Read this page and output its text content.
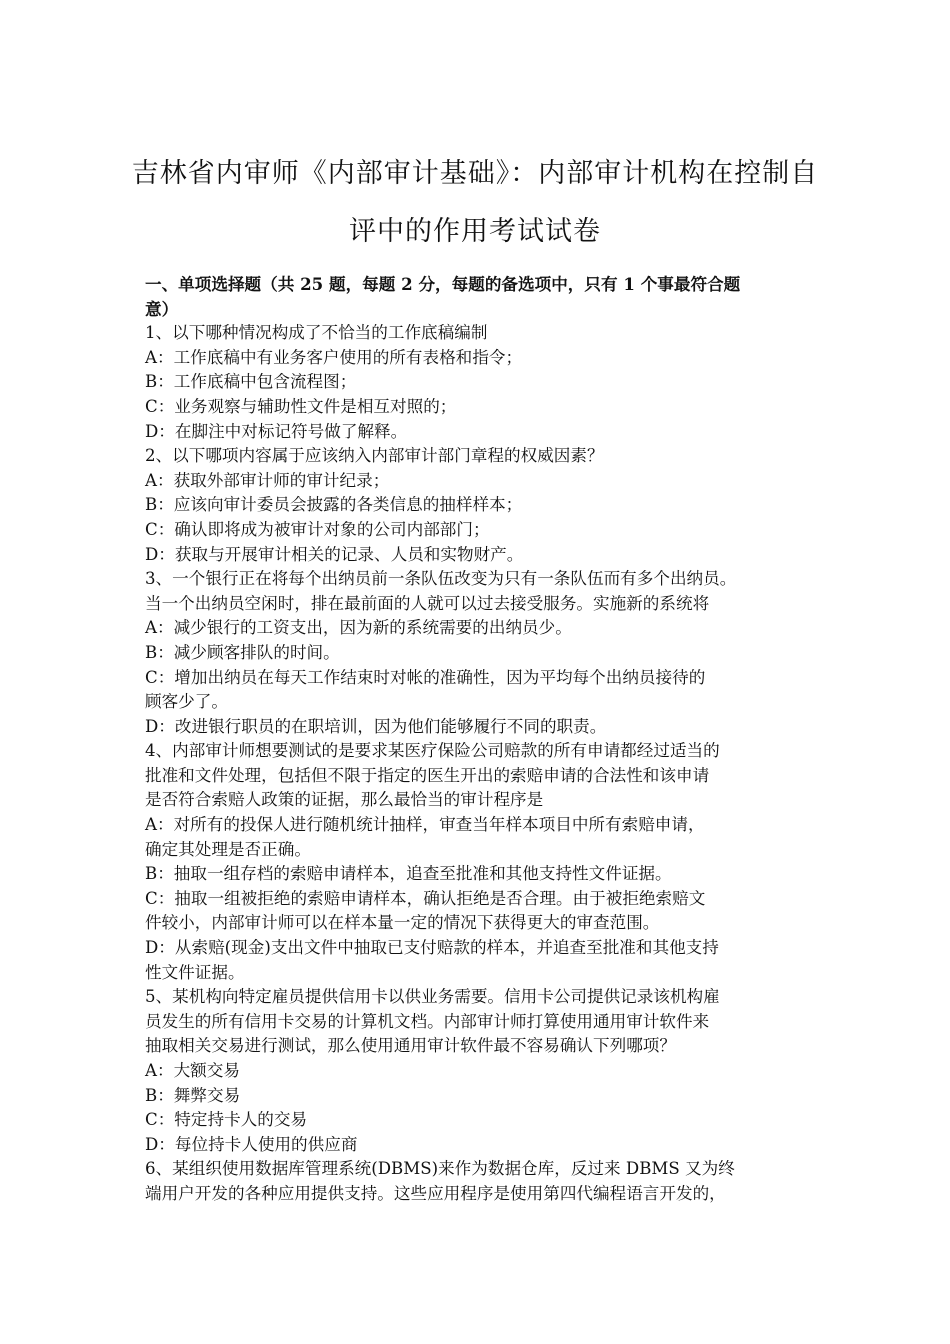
吉林省内审师《内部审计基础》：内部审计机构在控制自
评中的作用考试试卷
一、单项选择题（共 25 题，每题 2 分，每题的备选项中，只有 1 个事最符合题
意）
1、以下哪种情况构成了不恰当的工作底稿编制
A：工作底稿中有业务客户使用的所有表格和指令；
B：工作底稿中包含流程图；
C：业务观察与辅助性文件是相互对照的；
D：在脚注中对标记符号做了解释。
2、以下哪项内容属于应该纳入内部审计部门章程的权威因素？
A：获取外部审计师的审计纪录；
B：应该向审计委员会披露的各类信息的抽样样本；
C：确认即将成为被审计对象的公司内部部门；
D：获取与开展审计相关的记录、人员和实物财产。
3、一个银行正在将每个出纳员前一条队伍改变为只有一条队伍而有多个出纳员。
当一个出纳员空闲时，排在最前面的人就可以过去接受服务。实施新的系统将
A：减少银行的工资支出，因为新的系统需要的出纳员少。
B：减少顾客排队的时间。
C：增加出纳员在每天工作结束时对帐的准确性，因为平均每个出纳员接待的
顾客少了。
D：改进银行职员的在职培训，因为他们能够履行不同的职责。
4、内部审计师想要测试的是要求某医疗保险公司赔款的所有申请都经过适当的
批准和文件处理，包括但不限于指定的医生开出的索赔申请的合法性和该申请
是否符合索赔人政策的证据，那么最恰当的审计程序是
A：对所有的投保人进行随机统计抽样，审查当年样本项目中所有索赔申请，
确定其处理是否正确。
B：抽取一组存档的索赔申请样本，追查至批准和其他支持性文件证据。
C：抽取一组被拒绝的索赔申请样本，确认拒绝是否合理。由于被拒绝索赔文
件较小，内部审计师可以在样本量一定的情况下获得更大的审查范围。
D：从索赔(现金)支出文件中抽取已支付赔款的样本，并追查至批准和其他支持
性文件证据。
5、某机构向特定雇员提供信用卡以供业务需要。信用卡公司提供记录该机构雇
员发生的所有信用卡交易的计算机文档。内部审计师打算使用通用审计软件来
抽取相关交易进行测试，那么使用通用审计软件最不容易确认下列哪项？
A：大额交易
B：舞弊交易
C：特定持卡人的交易
D：每位持卡人使用的供应商
6、某组织使用数据库管理系统(DBMS)来作为数据仓库，反过来 DBMS 又为终
端用户开发的各种应用提供支持。这些应用程序是使用第四代编程语言开发的，
